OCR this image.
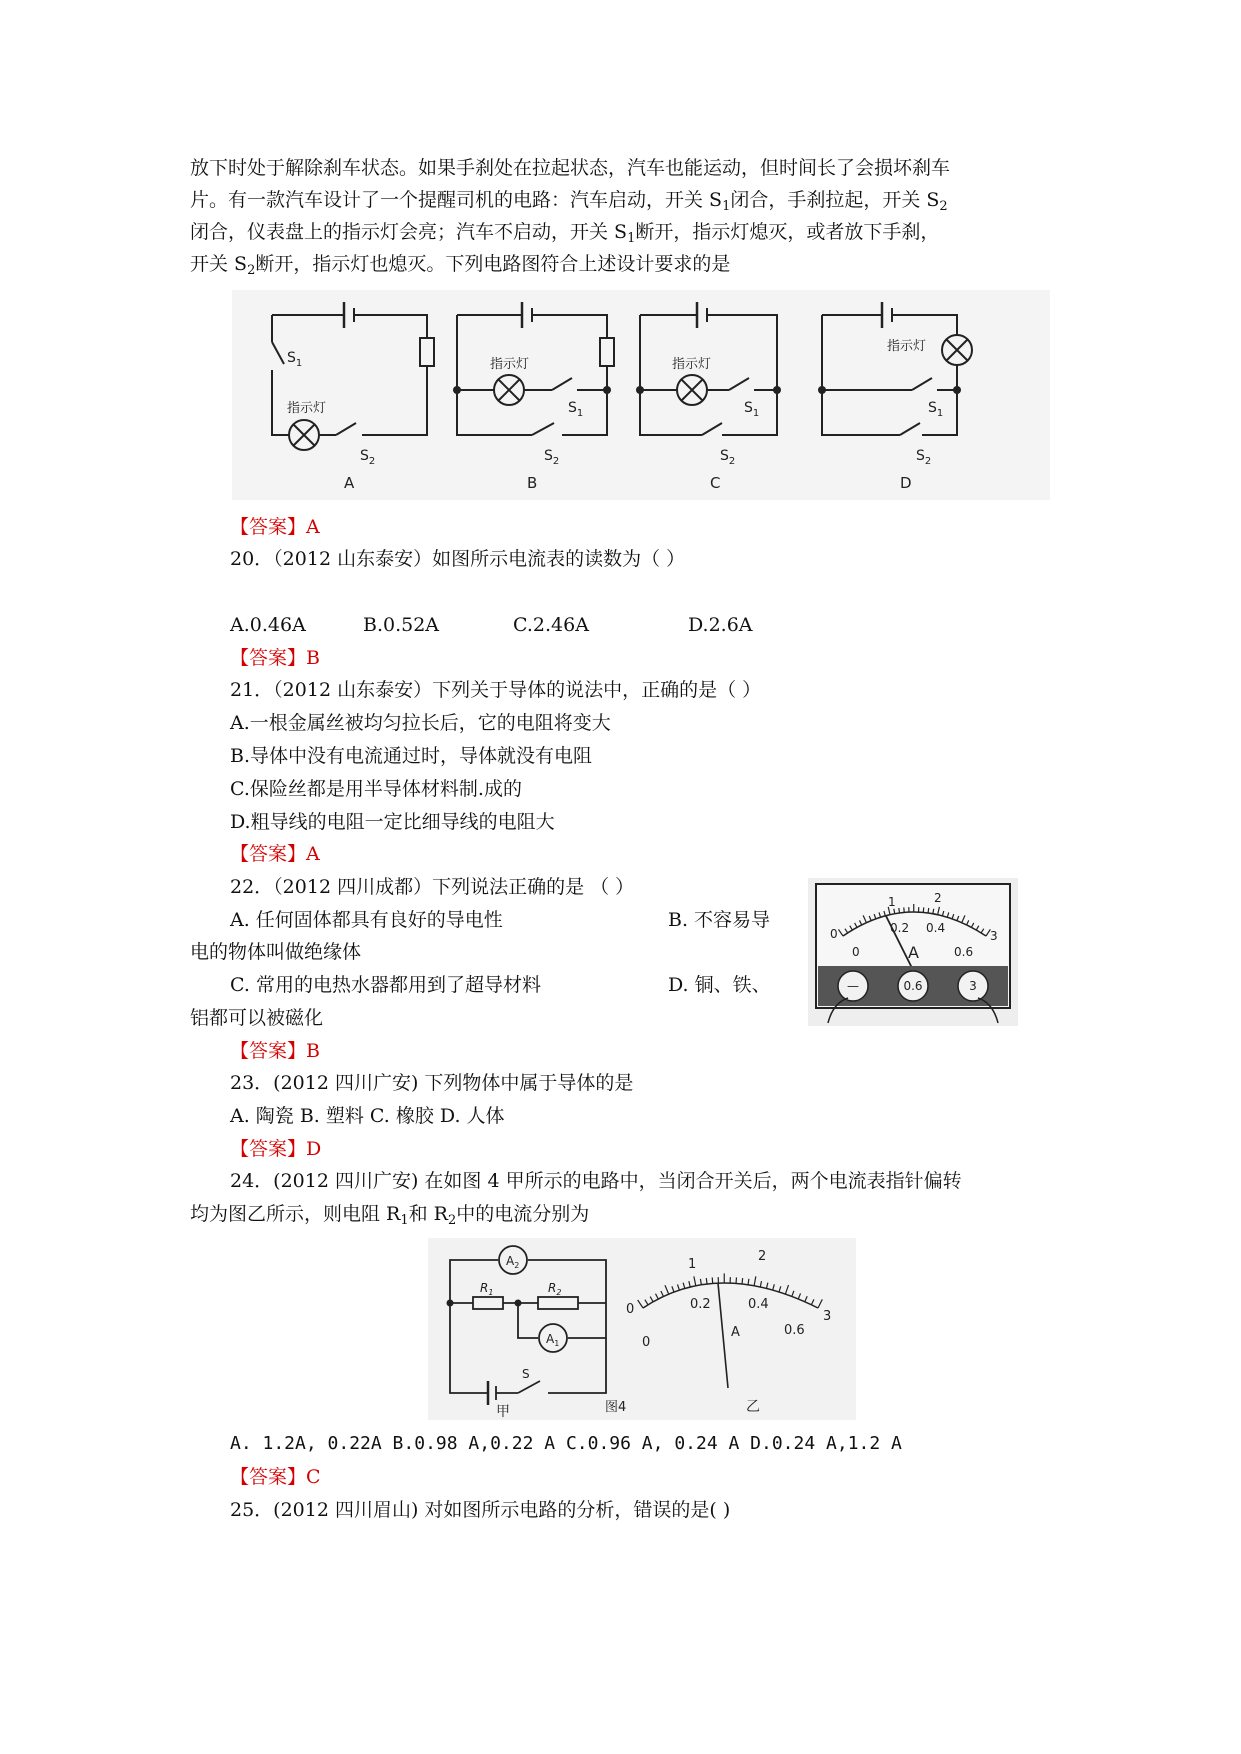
放下时处于解除刹车状态。如果手刹处在拉起状态，汽车也能运动，但时间长了会损坏刹车
片。有一款汽车设计了一个提醒司机的电路：汽车启动，开关 $S_1$闭合，手刹拉起，开关 $S_2$
闭合，仪表盘上的指示灯会亮；汽车不启动，开关 $S_1$断开，指示灯熄灭，或者放下手刹，
开关 $S_2$断开，指示灯也熄灭。下列电路图符合上述设计要求的是
$S_1$
指示灯
$S_2$
指示灯
$S_1$
$S_2$
指示灯
$S_1$
$S_2$
指示灯
$S_1$
$S_2$
A	B	C	D
【答案】A
20．（2012 山东泰安）如图所示电流表的读数为（ ）
A.0.46A	B.0.52A	C.2.46A	D.2.6A
【答案】B
21．（2012 山东泰安）下列关于导体的说法中，正确的是（ ）
A.一根金属丝被均匀拉长后，它的电阻将变大
B.导体中没有电流通过时，导体就没有电阻
C.保险丝都是用半导体材料制.成的
D.粗导线的电阻一定比细导线的电阻大
【答案】A
22．（2012 四川成都）下列说法正确的是 （ ）
A. 任何固体都具有良好的导电性	B. 不容易导
电的物体叫做绝缘体
C. 常用的电热水器都用到了超导材料	D. 铜、铁、
铝都可以被磁化
【答案】B
1	2
0	3
0
0.2 0.4
0.6
A
—	0.6	3
23．(2012 四川广安) 下列物体中属于导体的是
A. 陶瓷 B. 塑料 C. 橡胶 D. 人体
【答案】D
24．(2012 四川广安) 在如图 4 甲所示的电路中，当闭合开关后，两个电流表指针偏转
均为图乙所示，则电阻 $R_1$和 $R_2$中的电流分别为
$A_2$
$A_1$
$R_1$	$R_2$
S
甲	图4	乙
1
2
0
0
3
0.2	0.4
0.6
A
A. 1.2A, 0.22A B.0.98 A,0.22 A C.0.96 A, 0.24 A D.0.24 A,1.2 A
【答案】C
25．(2012 四川眉山) 对如图所示电路的分析，错误的是( )
